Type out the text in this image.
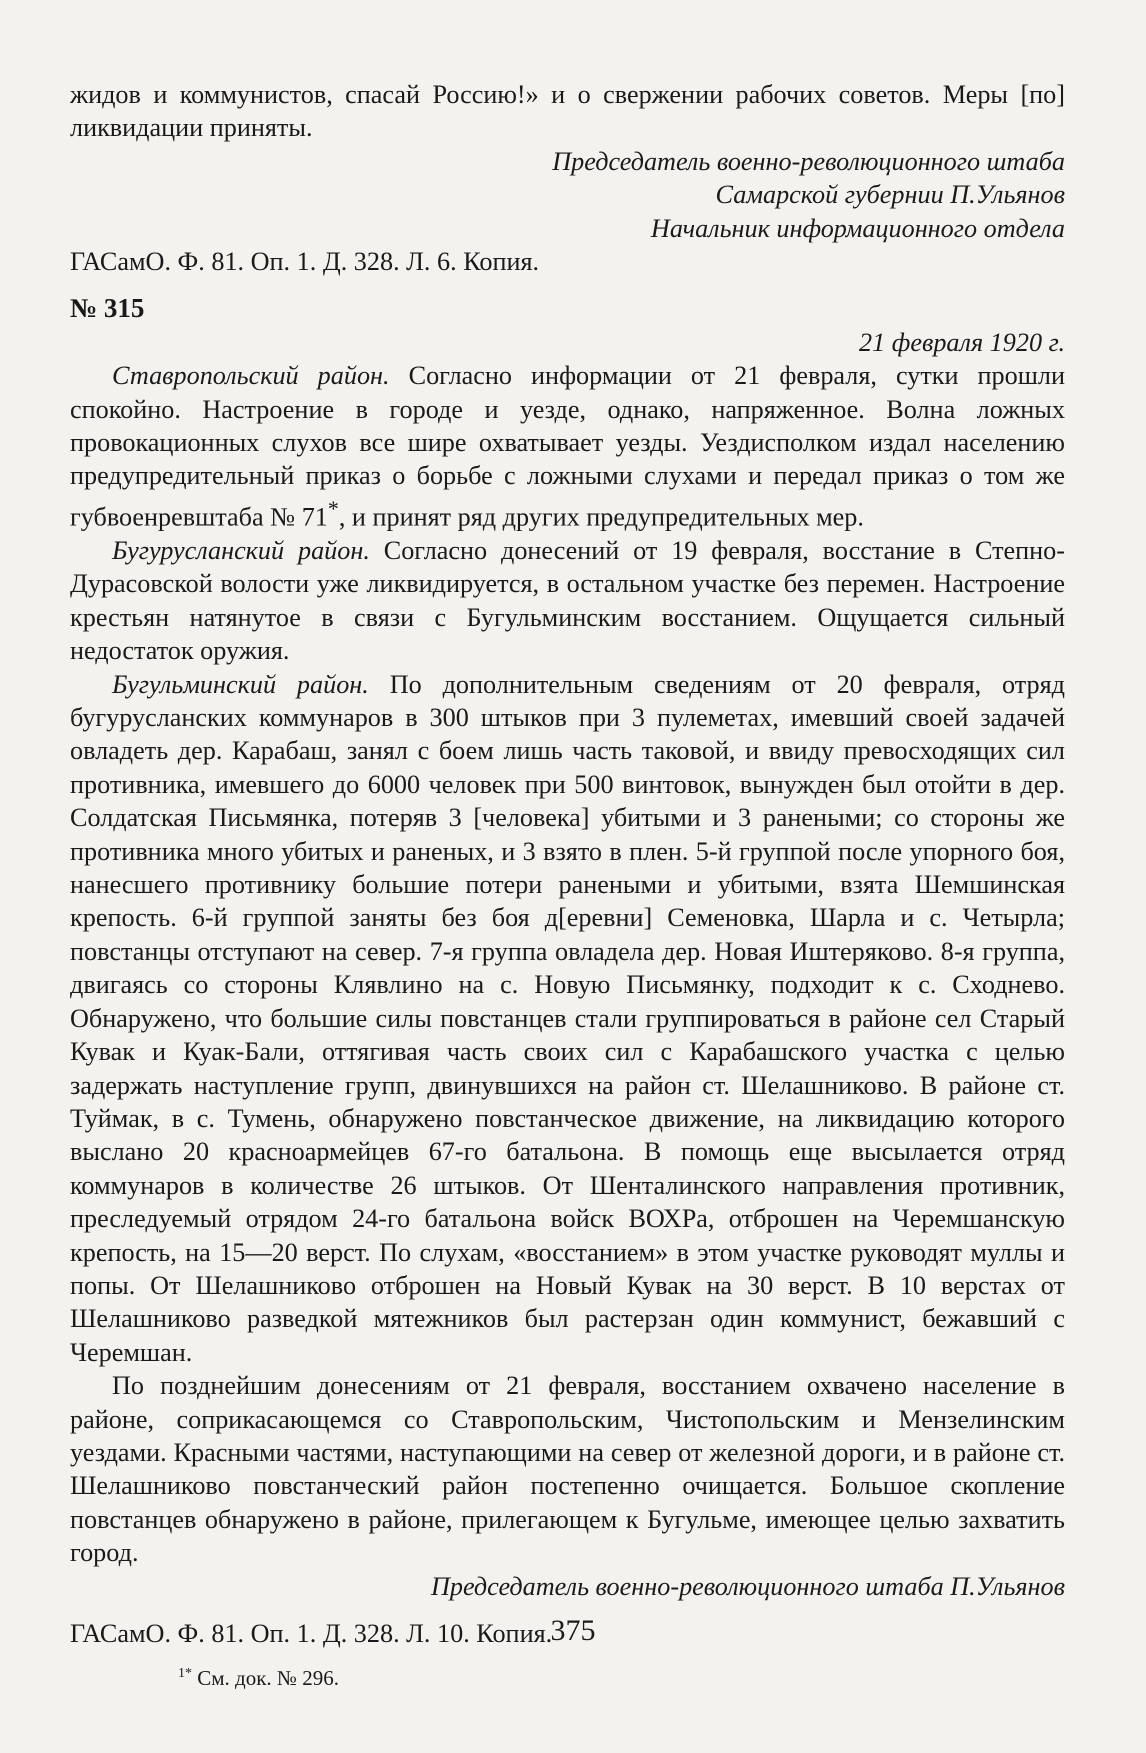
жидов и коммунистов, спасай Россию!» и о свержении рабочих советов. Меры [по] ликвидации приняты.

Председатель военно-революционного штаба

Самарской губернии П.Ульянов

Начальник информационного отдела

ГАСамО. Ф. 81. Оп. 1. Д. 328. Л. 6. Копия.

№ 315

21 февраля 1920 г.

Ставропольский район. Согласно информации от 21 февраля, сутки прошли спокойно. Настроение в городе и уезде, однако, напряженное. Волна ложных провокационных слухов все шире охватывает уезды. Уездисполком издал населению предупредительный приказ о борьбе с ложными слухами и передал приказ о том же губвоенревштаба № 71*, и принят ряд других предупредительных мер.

Бугурусланский район. Согласно донесений от 19 февраля, восстание в Степно-Дурасовской волости уже ликвидируется, в остальном участке без перемен. Настроение крестьян натянутое в связи с Бугульминским восстанием. Ощущается сильный недостаток оружия.

Бугульминский район. По дополнительным сведениям от 20 февраля, отряд бугурусланских коммунаров в 300 штыков при 3 пулеметах, имевший своей задачей овладеть дер. Карабаш, занял с боем лишь часть таковой, и ввиду превосходящих сил противника, имевшего до 6000 человек при 500 винтовок, вынужден был отойти в дер. Солдатская Письмянка, потеряв 3 [человека] убитыми и 3 ранеными; со стороны же противника много убитых и раненых, и 3 взято в плен. 5-й группой после упорного боя, нанесшего противнику большие потери ранеными и убитыми, взята Шемшинская крепость. 6-й группой заняты без боя д[еревни] Семеновка, Шарла и с. Четырла; повстанцы отступают на север. 7-я группа овладела дер. Новая Иштеряково. 8-я группа, двигаясь со стороны Клявлино на с. Новую Письмянку, подходит к с. Сходнево. Обнаружено, что большие силы повстанцев стали группироваться в районе сел Старый Кувак и Куак-Бали, оттягивая часть своих сил с Карабашского участка с целью задержать наступление групп, двинувшихся на район ст. Шелашниково. В районе ст. Туймак, в с. Тумень, обнаружено повстанческое движение, на ликвидацию которого выслано 20 красноармейцев 67-го батальона. В помощь еще высылается отряд коммунаров в количестве 26 штыков. От Шенталинского направления противник, преследуемый отрядом 24-го батальона войск ВОХРа, отброшен на Черемшанскую крепость, на 15—20 верст. По слухам, «восстанием» в этом участке руководят муллы и попы. От Шелашниково отброшен на Новый Кувак на 30 верст. В 10 верстах от Шелашниково разведкой мятежников был растерзан один коммунист, бежавший с Черемшан.

По позднейшим донесениям от 21 февраля, восстанием охвачено население в районе, соприкасающемся со Ставропольским, Чистопольским и Мензелинским уездами. Красными частями, наступающими на север от железной дороги, и в районе ст. Шелашниково повстанческий район постепенно очищается. Большое скопление повстанцев обнаружено в районе, прилегающем к Бугульме, имеющее целью захватить город.

Председатель военно-революционного штаба П.Ульянов

ГАСамО. Ф. 81. Оп. 1. Д. 328. Л. 10. Копия.

$^{1*}$ См. док. № 296.

375
